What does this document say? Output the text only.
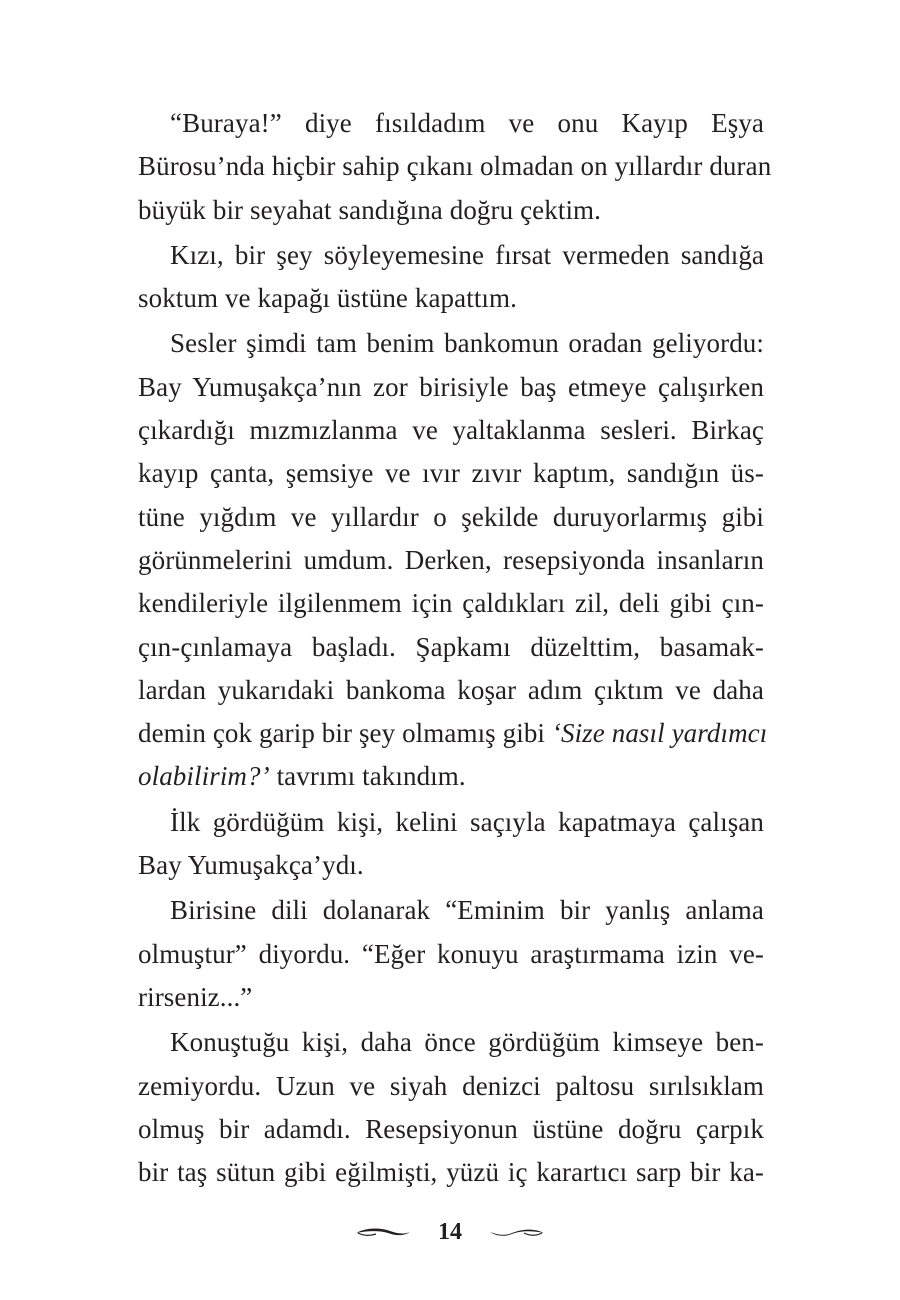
“Buraya!” diye fısıldadım ve onu Kayıp Eşya
Bürosu’nda hiçbir sahip çıkanı olmadan on yıllardır duran
büyük bir seyahat sandığına doğru çektim.
Kızı, bir şey söyleyemesine fırsat vermeden sandığa
soktum ve kapağı üstüne kapattım.
Sesler şimdi tam benim bankomun oradan geliyordu:
Bay Yumuşakça’nın zor birisiyle baş etmeye çalışırken
çıkardığı mızmızlanma ve yaltaklanma sesleri. Birkaç
kayıp çanta, şemsiye ve ıvır zıvır kaptım, sandığın üs-
tüne yığdım ve yıllardır o şekilde duruyorlarmış gibi
görünmelerini umdum. Derken, resepsiyonda insanların
kendileriyle ilgilenmem için çaldıkları zil, deli gibi çın-
çın-çınlamaya başladı. Şapkamı düzelttim, basamak-
lardan yukarıdaki bankoma koşar adım çıktım ve daha
demin çok garip bir şey olmamış gibi ‘Size nasıl yardımcı
olabilirim?’ tavrımı takındım.
İlk gördüğüm kişi, kelini saçıyla kapatmaya çalışan
Bay Yumuşakça’ydı.
Birisine dili dolanarak “Eminim bir yanlış anlama
olmuştur” diyordu. “Eğer konuyu araştırmama izin ve-
rirseniz...”
Konuştuğu kişi, daha önce gördüğüm kimseye ben-
zemiyordu. Uzun ve siyah denizci paltosu sırılsıklam
olmuş bir adamdı. Resepsiyonun üstüne doğru çarpık
bir taş sütun gibi eğilmişti, yüzü iç karartıcı sarp bir ka-
14
